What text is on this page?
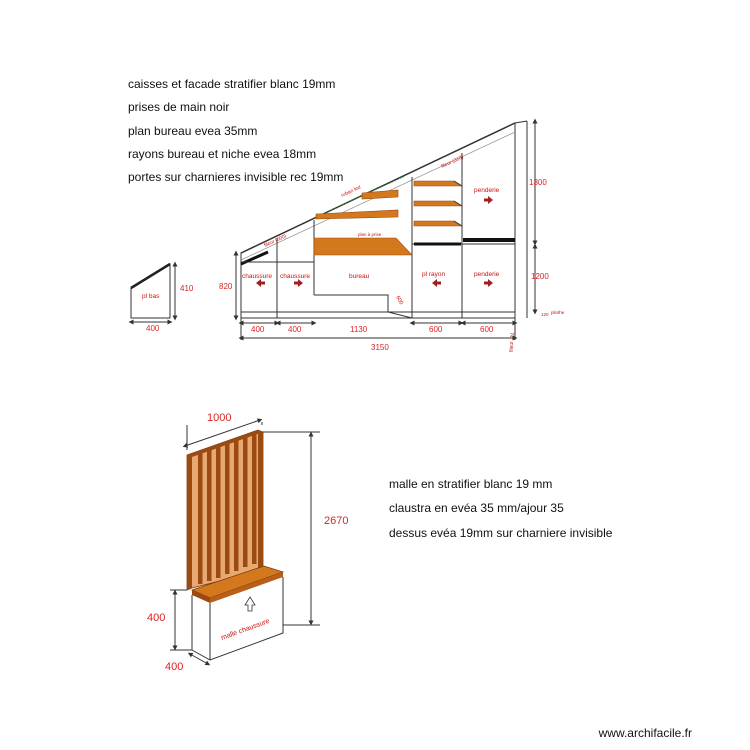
caisses et facade stratifier blanc 19mm
prises de main noir
plan bureau evea 35mm
rayons bureau et niche evea 18mm
portes sur charnieres invisible rec 19mm
pl bas
410
400
chaussure chaussure	bureau	pl rayon	penderie
penderie
ruban led
fileur (600)
fileur (310)
plan à prise
600
820
1300
1200
120 plinthe
20
fileur
400	400	1130	600	600
3150
malle chaussure
1000
2670
400
400
malle en stratifier blanc 19 mm
claustra en evéa 35 mm/ajour 35
dessus evéa 19mm sur charniere invisible
www.archifacile.fr
